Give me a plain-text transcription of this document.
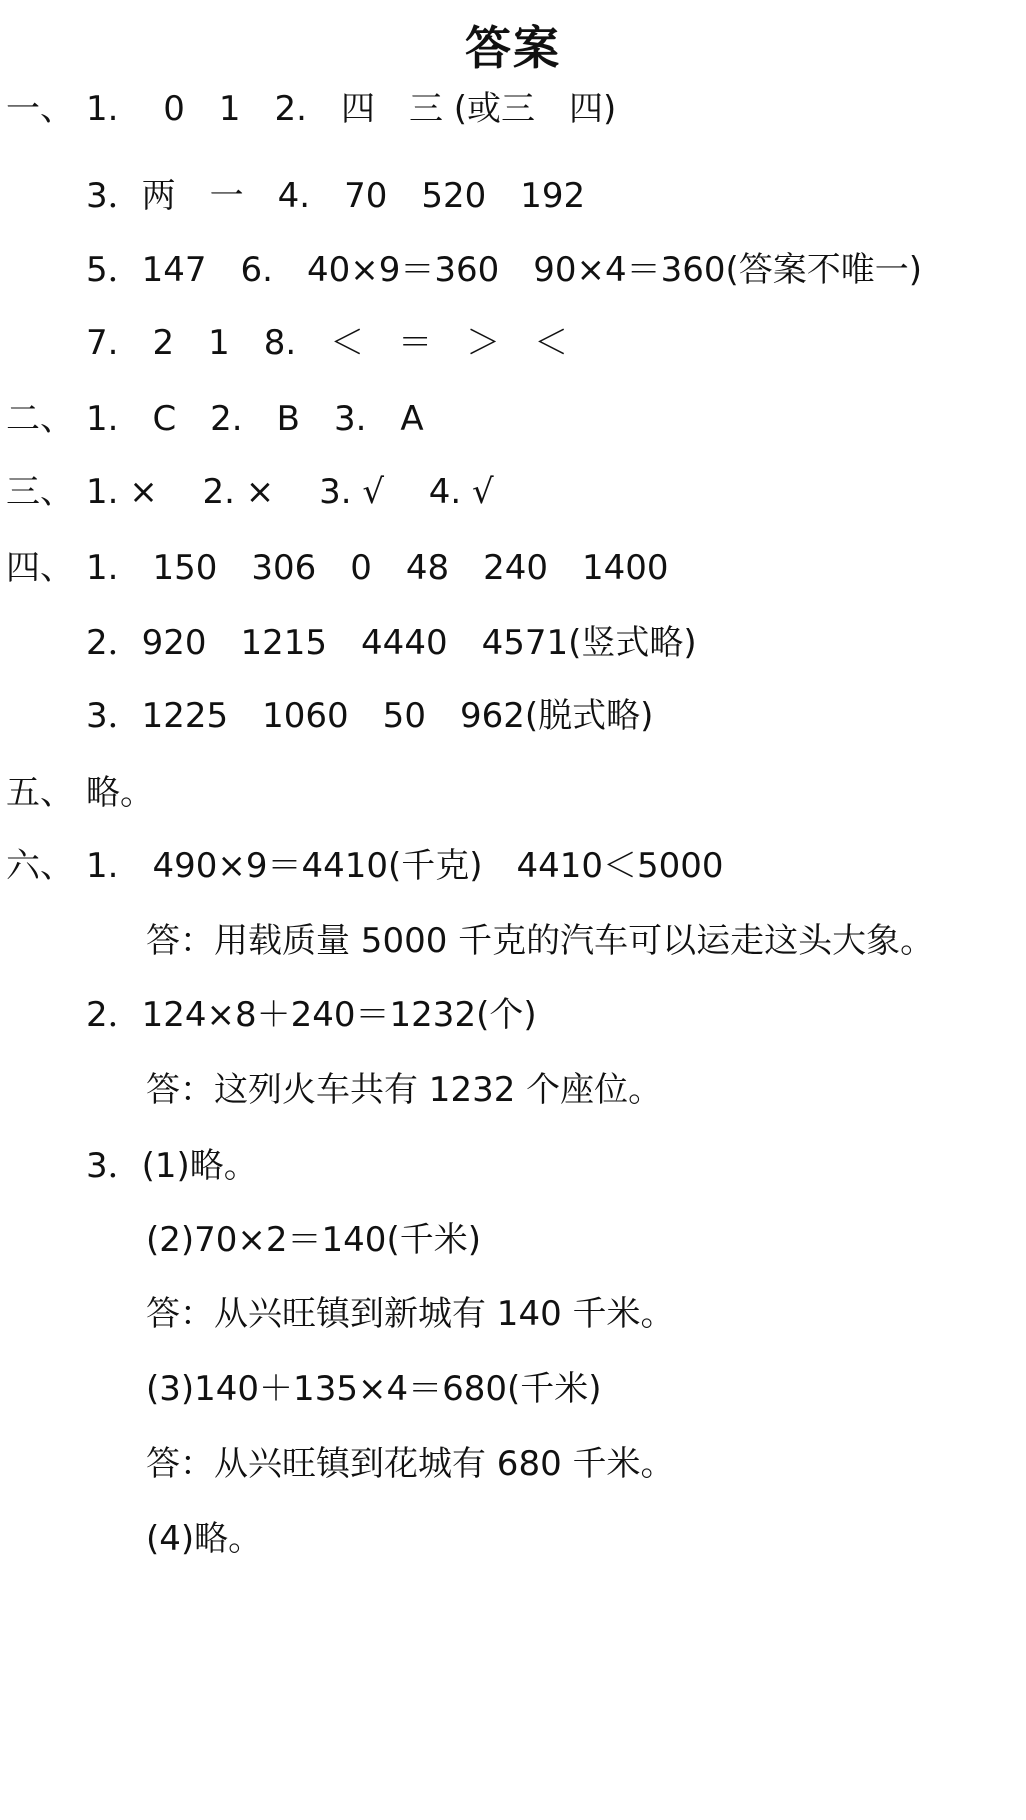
答案
一、 1.　 0　1　2.　四　三 (或三　四)
3．两　一　4.　70　520　192
5．147　6.　40×9＝360　90×4＝360(答案不唯一)
7.　2　1　8.　＜　＝　＞　＜
二、 1.　C　2.　B　3.　A
三、 1. ×　 2. ×　 3. √　 4. √
四、 1.　150　306　0　48　240　1400
2．920　1215　4440　4571(竖式略)
3．1225　1060　50　962(脱式略)
五、 略。
六、 1.　490×9＝4410(千克)　4410＜5000
答：用载质量 5000 千克的汽车可以运走这头大象。
2．124×8＋240＝1232(个)
答：这列火车共有 1232 个座位。
3．(1)略。
(2)70×2＝140(千米)
答：从兴旺镇到新城有 140 千米。
(3)140＋135×4＝680(千米)
答：从兴旺镇到花城有 680 千米。
(4)略。
